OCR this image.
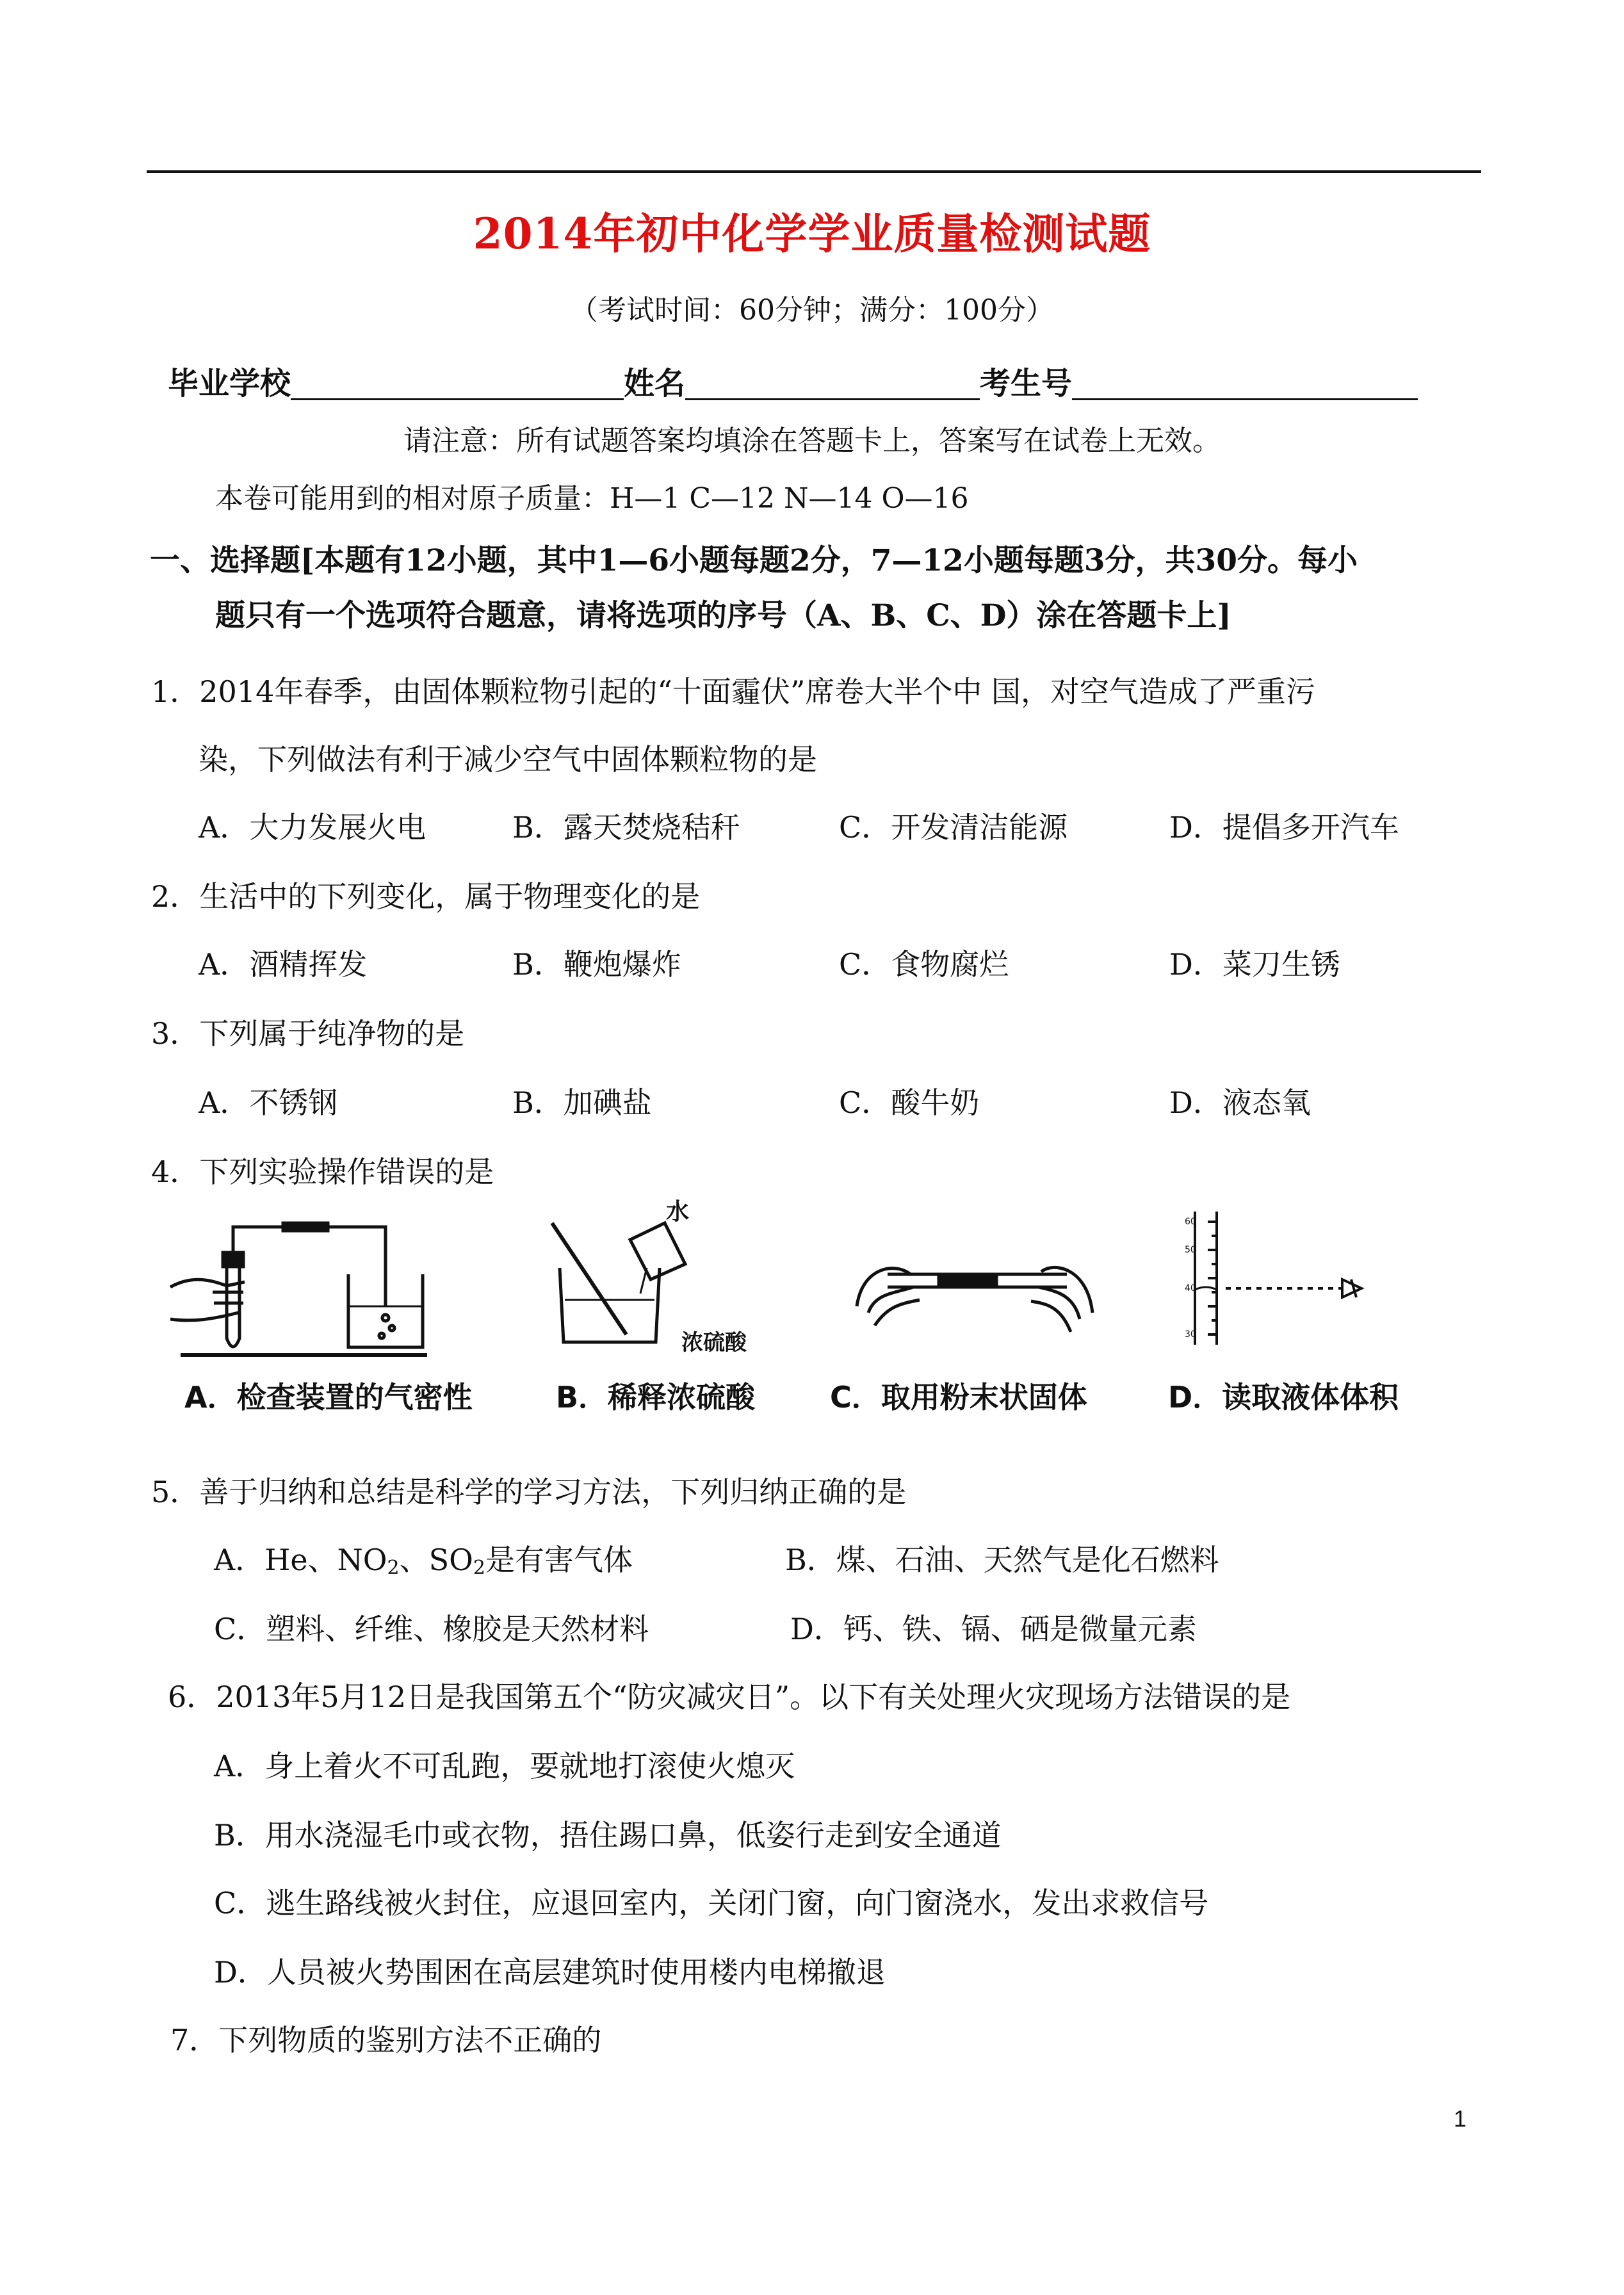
2014年初中化学学业质量检测试题
（考试时间：60分钟；满分：100分）
毕业学校	姓名	考生号
请注意：所有试题答案均填涂在答题卡上，答案写在试卷上无效。
本卷可能用到的相对原子质量：H—1 C—12 N—14 O—16
一、选择题[本题有12小题，其中1—6小题每题2分，7—12小题每题3分，共30分。每小
题只有一个选项符合题意，请将选项的序号（A、B、C、D）涂在答题卡上]
1．2014年春季，由固体颗粒物引起的“十面霾伏”席卷大半个中 国，对空气造成了严重污
染，下列做法有利于减少空气中固体颗粒物的是
A．大力发展火电	B．露天焚烧秸秆	C．开发清洁能源	D．提倡多开汽车
2．生活中的下列变化，属于物理变化的是
A．酒精挥发	B．鞭炮爆炸	C．食物腐烂	D．菜刀生锈
3．下列属于纯净物的是
A．不锈钢	B．加碘盐	C．酸牛奶	D．液态氧
4．下列实验操作错误的是
水
浓硫酸
60
50
40
30
A．检查装置的气密性	B．稀释浓硫酸	C．取用粉末状固体	D．读取液体体积
5．善于归纳和总结是科学的学习方法，下列归纳正确的是
A．He、$NO_2$、$SO_2$是有害气体	B．煤、石油、天然气是化石燃料
C．塑料、纤维、橡胶是天然材料	D．钙、铁、镉、硒是微量元素
6．2013年5月12日是我国第五个“防灾减灾日”。以下有关处理火灾现场方法错误的是
A．身上着火不可乱跑，要就地打滚使火熄灭
B．用水浇湿毛巾或衣物，捂住踢口鼻，低姿行走到安全通道
C．逃生路线被火封住，应退回室内，关闭门窗，向门窗浇水，发出求救信号
D．人员被火势围困在高层建筑时使用楼内电梯撤退
7．下列物质的鉴别方法不正确的
1
